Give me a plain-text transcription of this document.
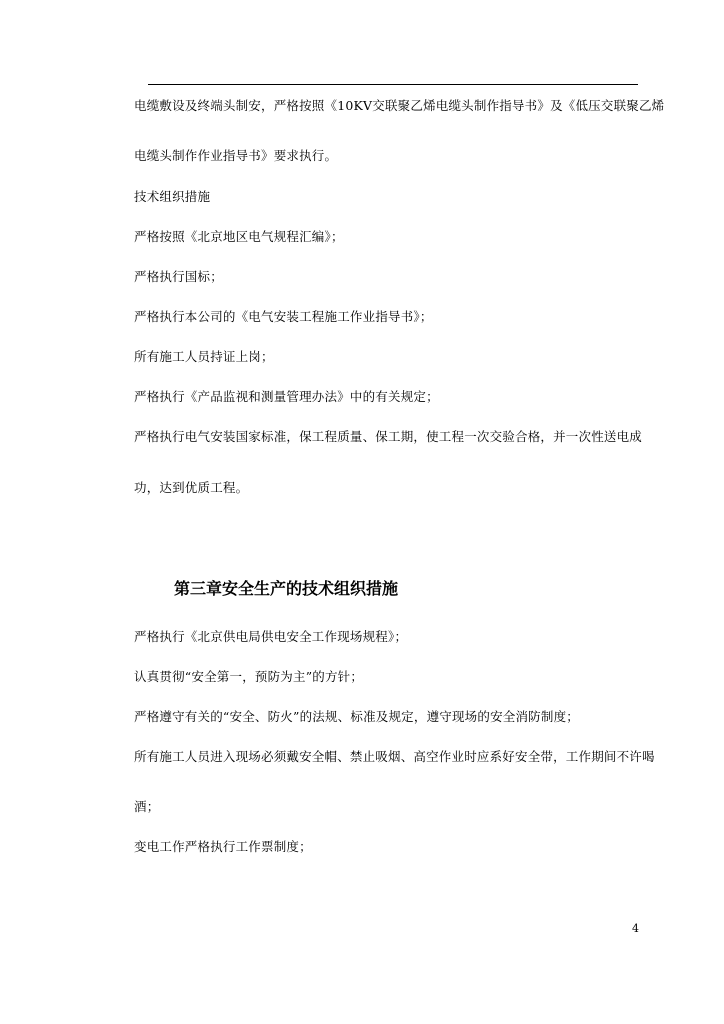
电缆敷设及终端头制安，严格按照《10KV交联聚乙烯电缆头制作指导书》及《低压交联聚乙烯
电缆头制作作业指导书》要求执行。
技术组织措施
严格按照《北京地区电气规程汇编》；
严格执行国标；
严格执行本公司的《电气安装工程施工作业指导书》；
所有施工人员持证上岗；
严格执行《产品监视和测量管理办法》中的有关规定；
严格执行电气安装国家标准，保工程质量、保工期，使工程一次交验合格，并一次性送电成
功，达到优质工程。
第三章安全生产的技术组织措施
严格执行《北京供电局供电安全工作现场规程》；
认真贯彻“安全第一，预防为主”的方针；
严格遵守有关的“安全、防火”的法规、标准及规定，遵守现场的安全消防制度；
所有施工人员进入现场必须戴安全帽、禁止吸烟、高空作业时应系好安全带，工作期间不许喝
酒；
变电工作严格执行工作票制度；
4
